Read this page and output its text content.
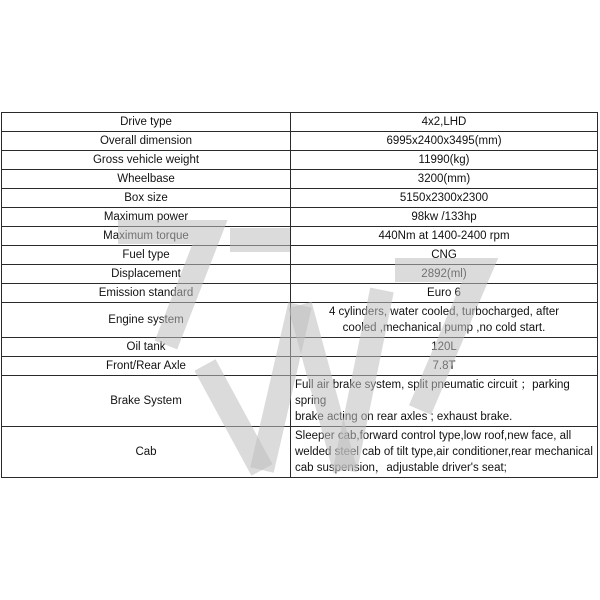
Drive type	4x2,LHD

Overall dimension	6995x2400x3495(mm)

Gross vehicle weight	11990(kg)

Wheelbase	3200(mm)

Box size	5150x2300x2300

Maximum power	98kw /133hp

Maximum torque	440Nm at 1400-2400 rpm

Fuel type	CNG

Displacement	2892(ml)

Emission standard	Euro 6

Engine system	4 cylinders, water cooled, turbocharged, after
cooled ,mechanical pump ,no cold start.

Oil tank	120L

Front/Rear Axle	7.8T

Brake System	Full air brake system, split pneumatic circuit ；parking spring
brake acting on rear axles ; exhaust brake.

Cab	Sleeper cab,forward control type,low roof,new face, all
welded steel cab of tilt type,air conditioner,rear mechanical
cab suspension，adjustable driver's seat;
